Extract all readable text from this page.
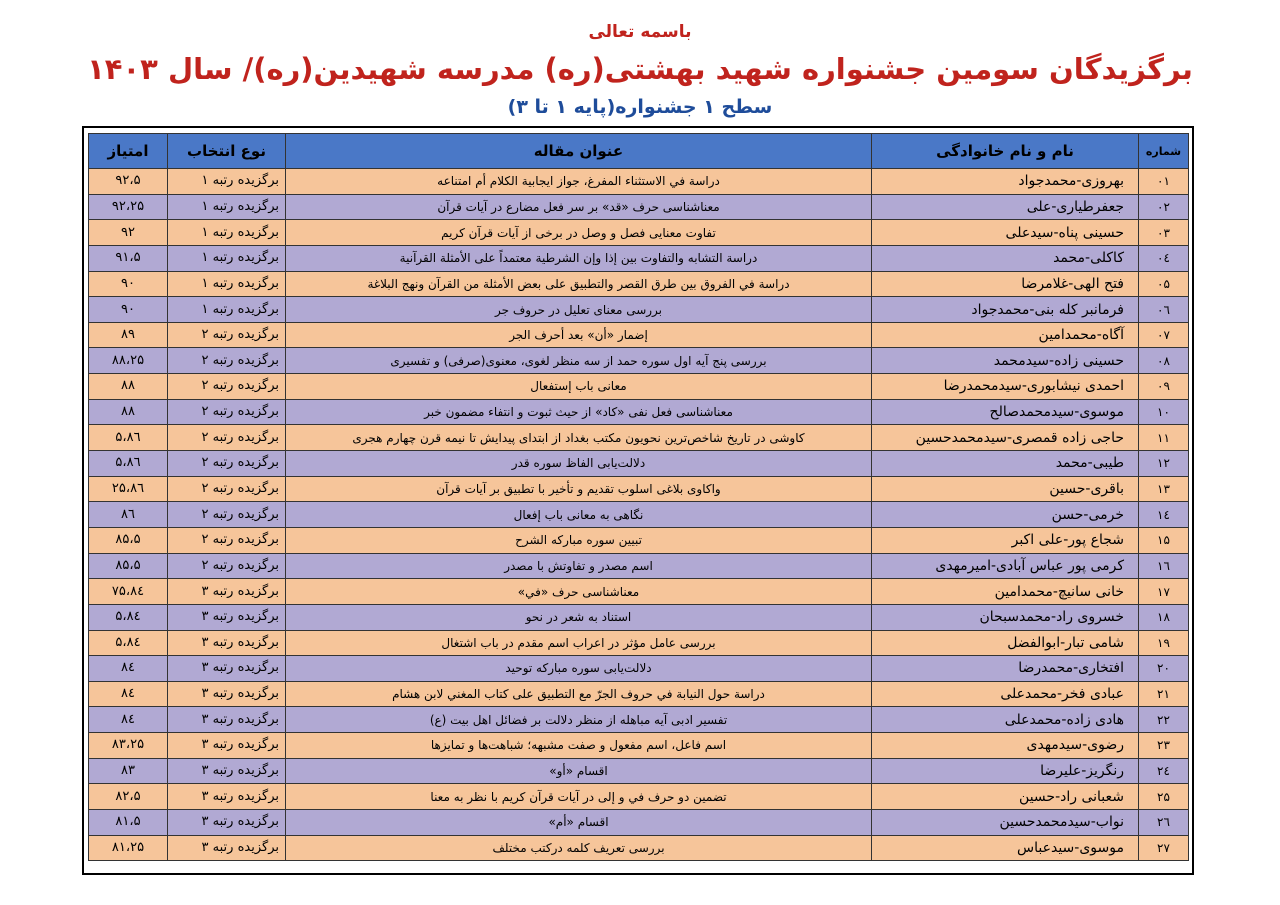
باسمه تعالی
برگزیدگان سومین جشنواره شهید بهشتی(ره) مدرسه شهیدین(ره)/ سال ۱۴۰۳
سطح ۱ جشنواره(پایه ۱ تا ۳)
شماره	نام و نام خانوادگی	عنوان مقاله	نوع انتخاب	امتیاز
۰۱	بهروزی-محمدجواد	دراسة في الاستثناء المفرغ، جواز ایجابیة الکلام أم امتناعه	برگزیده رتبه ۱	۹۲،۵
۰۲	جعفرطیاری-علی	معناشناسی حرف «قد» بر سر فعل مضارع در آیات قرآن	برگزیده رتبه ۱	۹۲،۲۵
۰۳	حسینی پناه-سیدعلی	تفاوت معنایی فصل و وصل در برخی از آیات قرآن کریم	برگزیده رتبه ۱	۹۲
۰٤	کاکلی-محمد	دراسة التشابه والتفاوت بین إذا وإن الشرطیة معتمداً علی الأمثلة القرآنیة	برگزیده رتبه ۱	۹۱،۵
۰۵	فتح الهی-غلامرضا	دراسة في الفروق بین طرق القصر والتطبیق علی بعض الأمثلة من القرآن ونهج البلاغة	برگزیده رتبه ۱	۹۰
۰٦	فرمانبر کله بنی-محمدجواد	بررسی معنای تعلیل در حروف جر	برگزیده رتبه ۱	۹۰
۰۷	آگاه-محمدامین	إضمار «أن» بعد أحرف الجر	برگزیده رتبه ۲	۸۹
۰۸	حسینی زاده-سیدمحمد	بررسی پنج آیه اول سوره حمد از سه منظر لغوی، معنوی(صرفی) و تفسیری	برگزیده رتبه ۲	۸۸،۲۵
۰۹	احمدی نیشابوری-سیدمحمدرضا	معانی باب إستفعال	برگزیده رتبه ۲	۸۸
۱۰	موسوی-سیدمحمدصالح	معناشناسی فعل نفی «کاد» از حیث ثبوت و انتفاء مضمون خبر	برگزیده رتبه ۲	۸۸
۱۱	حاجی زاده قمصری-سیدمحمدحسین	کاوشی در تاریخ شاخص‌ترین نحویون مکتب بغداد از ابتدای پیدایش تا نیمه قرن چهارم هجری	برگزیده رتبه ۲	۸٦،۵
۱۲	طیبی-محمد	دلالت‌یابی الفاظ سوره قدر	برگزیده رتبه ۲	۸٦،۵
۱۳	باقری-حسین	واکاوی بلاغی اسلوب تقدیم و تأخیر با تطبیق بر آیات قرآن	برگزیده رتبه ۲	۸٦،۲۵
۱٤	خرمی-حسن	نگاهی به معانی باب إفعال	برگزیده رتبه ۲	۸٦
۱۵	شجاع پور-علی اکبر	تبیین سوره مبارکه الشرح	برگزیده رتبه ۲	۸۵،۵
۱٦	کرمی پور عباس آبادی-امیرمهدی	اسم مصدر و تفاوتش با مصدر	برگزیده رتبه ۲	۸۵،۵
۱۷	خانی سانیچ-محمدامین	معناشناسی حرف «في»	برگزیده رتبه ۳	۸٤،۷۵
۱۸	خسروی راد-محمدسبحان	استناد به شعر در نحو	برگزیده رتبه ۳	۸٤،۵
۱۹	شامی تبار-ابوالفضل	بررسی عامل مؤثر در اعراب اسم مقدم در باب اشتغال	برگزیده رتبه ۳	۸٤،۵
۲۰	افتخاری-محمدرضا	دلالت‌یابی سوره مبارکه توحید	برگزیده رتبه ۳	۸٤
۲۱	عبادی فخر-محمدعلی	دراسة حول النیابة في حروف الجرّ مع التطبیق علی کتاب المغني لابن هشام	برگزیده رتبه ۳	۸٤
۲۲	هادی زاده-محمدعلی	تفسیر ادبی آیه مباهله از منظر دلالت بر فضائل اهل بیت (ع)	برگزیده رتبه ۳	۸٤
۲۳	رضوی-سیدمهدی	اسم فاعل، اسم مفعول و صفت مشبهه؛ شباهت‌ها و تمایزها	برگزیده رتبه ۳	۸۳،۲۵
۲٤	رنگریز-علیرضا	اقسام «أو»	برگزیده رتبه ۳	۸۳
۲۵	شعبانی راد-حسین	تضمین دو حرف في و إلی در آیات قرآن کریم با نظر به معنا	برگزیده رتبه ۳	۸۲،۵
۲٦	نواب-سیدمحمدحسین	اقسام «أم»	برگزیده رتبه ۳	۸۱،۵
۲۷	موسوی-سیدعباس	بررسی تعریف کلمه درکتب مختلف	برگزیده رتبه ۳	۸۱،۲۵
